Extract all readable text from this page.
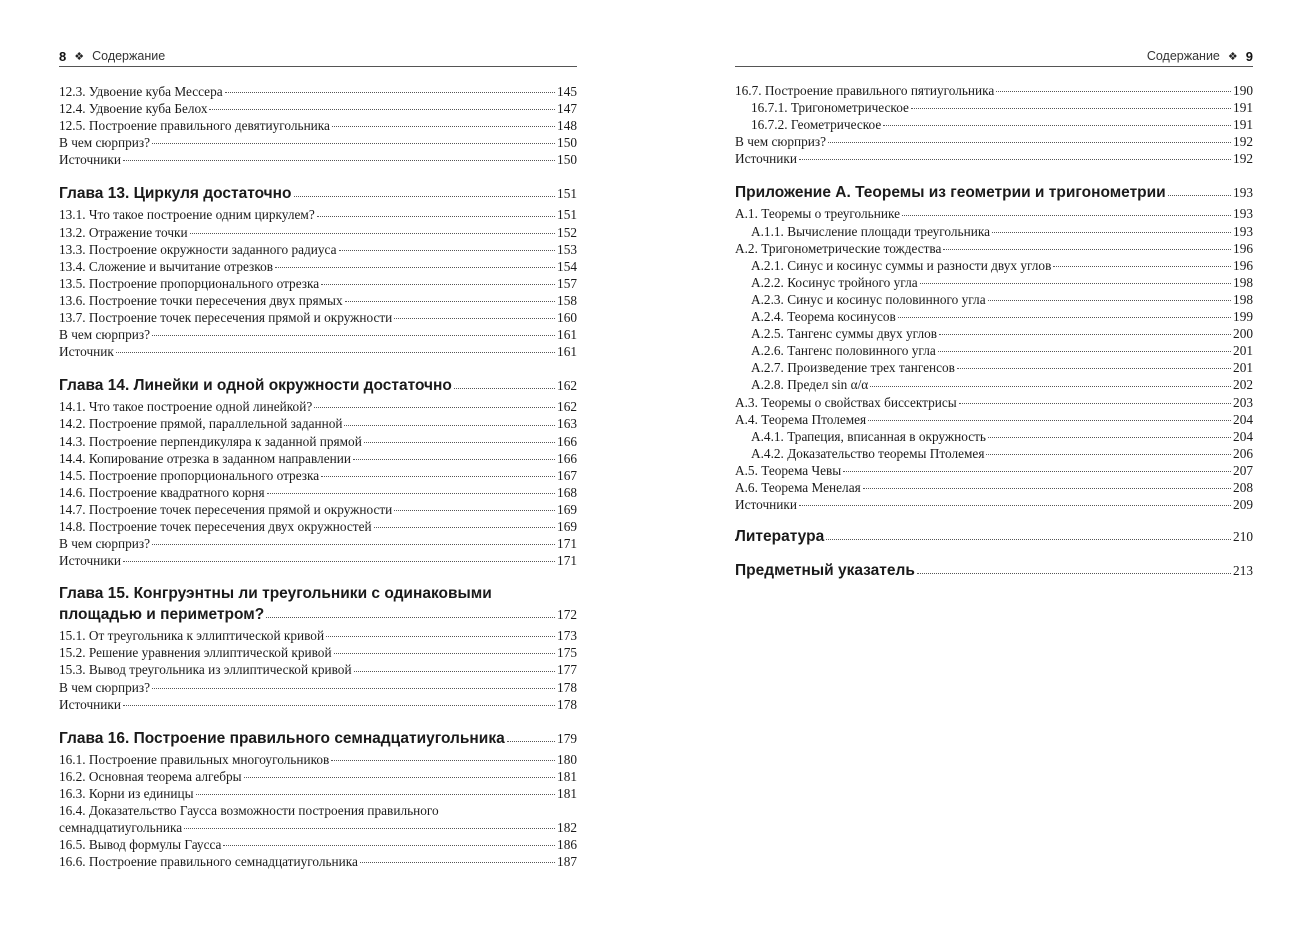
8 ❖ Содержание
12.3. Удвоение куба Мессера	145
12.4. Удвоение куба Белох	147
12.5. Построение правильного девятиугольника	148
В чем сюрприз?	150
Источники	150
Глава 13. Циркуля достаточно	151
13.1. Что такое построение одним циркулем?	151
13.2. Отражение точки	152
13.3. Построение окружности заданного радиуса	153
13.4. Сложение и вычитание отрезков	154
13.5. Построение пропорционального отрезка	157
13.6. Построение точки пересечения двух прямых	158
13.7. Построение точек пересечения прямой и окружности	160
В чем сюрприз?	161
Источник	161
Глава 14. Линейки и одной окружности достаточно	162
14.1. Что такое построение одной линейкой?	162
14.2. Построение прямой, параллельной заданной	163
14.3. Построение перпендикуляра к заданной прямой	166
14.4. Копирование отрезка в заданном направлении	166
14.5. Построение пропорционального отрезка	167
14.6. Построение квадратного корня	168
14.7. Построение точек пересечения прямой и окружности	169
14.8. Построение точек пересечения двух окружностей	169
В чем сюрприз?	171
Источники	171
Глава 15. Конгруэнтны ли треугольники с одинаковыми
площадью и периметром?	172
15.1. От треугольника к эллиптической кривой	173
15.2. Решение уравнения эллиптической кривой	175
15.3. Вывод треугольника из эллиптической кривой	177
В чем сюрприз?	178
Источники	178
Глава 16. Построение правильного семнадцатиугольника	179
16.1. Построение правильных многоугольников	180
16.2. Основная теорема алгебры	181
16.3. Корни из единицы	181
16.4. Доказательство Гаусса возможности построения правильного
семнадцатиугольника	182
16.5. Вывод формулы Гаусса	186
16.6. Построение правильного семнадцатиугольника	187
Содержание ❖ 9
16.7. Построение правильного пятиугольника	190
16.7.1. Тригонометрическое	191
16.7.2. Геометрическое	191
В чем сюрприз?	192
Источники	192
Приложение А. Теоремы из геометрии и тригонометрии	193
А.1. Теоремы о треугольнике	193
А.1.1. Вычисление площади треугольника	193
А.2. Тригонометрические тождества	196
А.2.1. Синус и косинус суммы и разности двух углов	196
А.2.2. Косинус тройного угла	198
А.2.3. Синус и косинус половинного угла	198
А.2.4. Теорема косинусов	199
А.2.5. Тангенс суммы двух углов	200
А.2.6. Тангенс половинного угла	201
А.2.7. Произведение трех тангенсов	201
А.2.8. Предел sin α/α	202
А.3. Теоремы о свойствах биссектрисы	203
А.4. Теорема Птолемея	204
А.4.1. Трапеция, вписанная в окружность	204
А.4.2. Доказательство теоремы Птолемея	206
А.5. Теорема Чевы	207
А.6. Теорема Менелая	208
Источники	209
Литература	210
Предметный указатель	213
